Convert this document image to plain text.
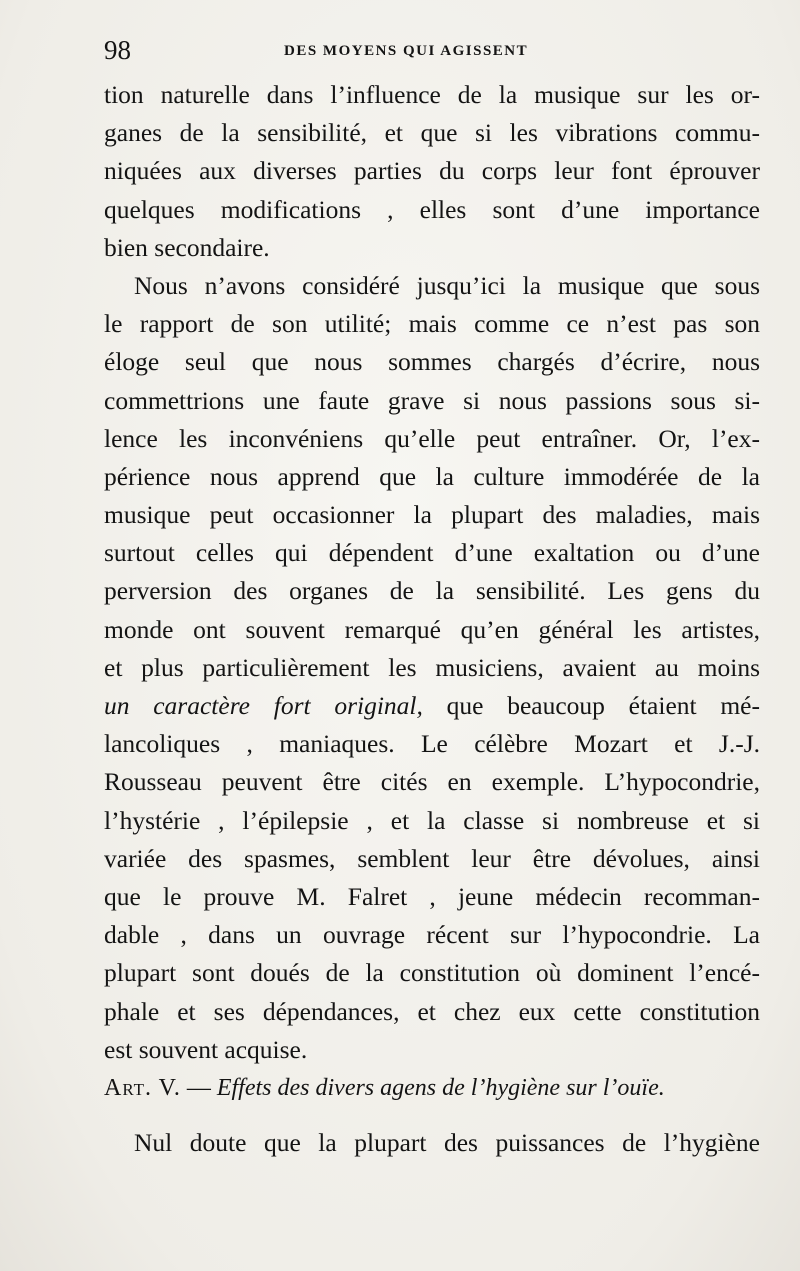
98	DES MOYENS QUI AGISSENT
tion naturelle dans l’influence de la musique sur les or-
ganes de la sensibilité, et que si les vibrations commu-
niquées aux diverses parties du corps leur font éprouver
quelques modifications , elles sont d’une importance
bien secondaire.
Nous n’avons considéré jusqu’ici la musique que sous
le rapport de son utilité; mais comme ce n’est pas son
éloge seul que nous sommes chargés d’écrire, nous
commettrions une faute grave si nous passions sous si-
lence les inconvéniens qu’elle peut entraîner. Or, l’ex-
périence nous apprend que la culture immodérée de la
musique peut occasionner la plupart des maladies, mais
surtout celles qui dépendent d’une exaltation ou d’une
perversion des organes de la sensibilité. Les gens du
monde ont souvent remarqué qu’en général les artistes,
et plus particulièrement les musiciens, avaient au moins
un caractère fort original, que beaucoup étaient mé-
lancoliques , maniaques. Le célèbre Mozart et J.-J.
Rousseau peuvent être cités en exemple. L’hypocondrie,
l’hystérie , l’épilepsie , et la classe si nombreuse et si
variée des spasmes, semblent leur être dévolues, ainsi
que le prouve M. Falret , jeune médecin recomman-
dable , dans un ouvrage récent sur l’hypocondrie. La
plupart sont doués de la constitution où dominent l’encé-
phale et ses dépendances, et chez eux cette constitution
est souvent acquise.
Art. V. — Effets des divers agens de l’hygiène sur l’ouïe.
Nul doute que la plupart des puissances de l’hygiène
